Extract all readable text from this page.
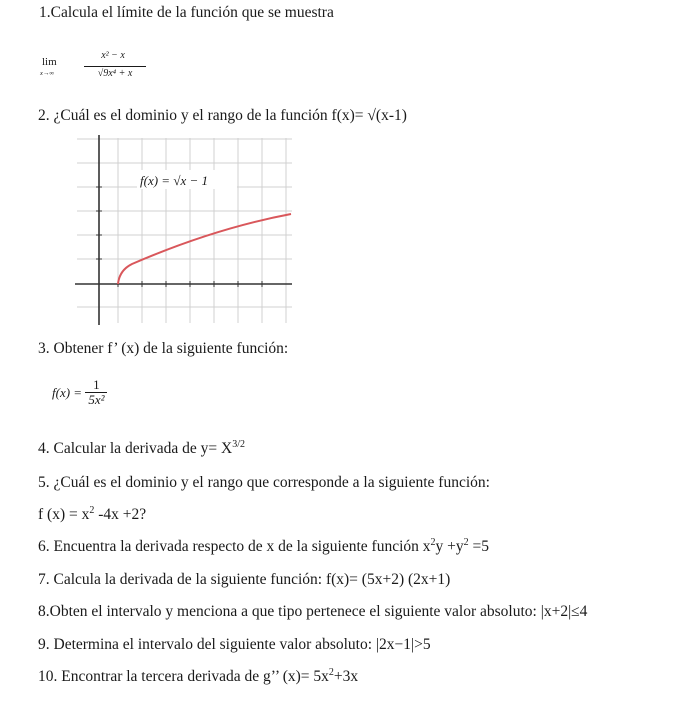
1.Calcula el límite de la función que se muestra
lim
x→∞
x² − x
√9x⁴ + x
2. ¿Cuál es el dominio y el rango de la función f(x)= √(x-1)
f(x) = √x − 1
3. Obtener f’ (x) de la siguiente función:
$f(x) = \frac{1}{\text{5x²}}$
4. Calcular la derivada de $y= X^{3/2}$
5. ¿Cuál es el dominio y el rango que corresponde a la siguiente función:
f $(x) = x^2$ -4x +2?
6. Encuentra la derivada respecto de x de la siguiente función $x^2y +y^2 =5$
7. Calcula la derivada de la siguiente función: f(x)= (5x+2) (2x+1)
8.Obten el intervalo y menciona a que tipo pertenece el siguiente valor absoluto: |x+2|≤4
9. Determina el intervalo del siguiente valor absoluto: |2x−1|>5
10. Encontrar la tercera derivada de g’’ $(x)= 5x^2+3x$
